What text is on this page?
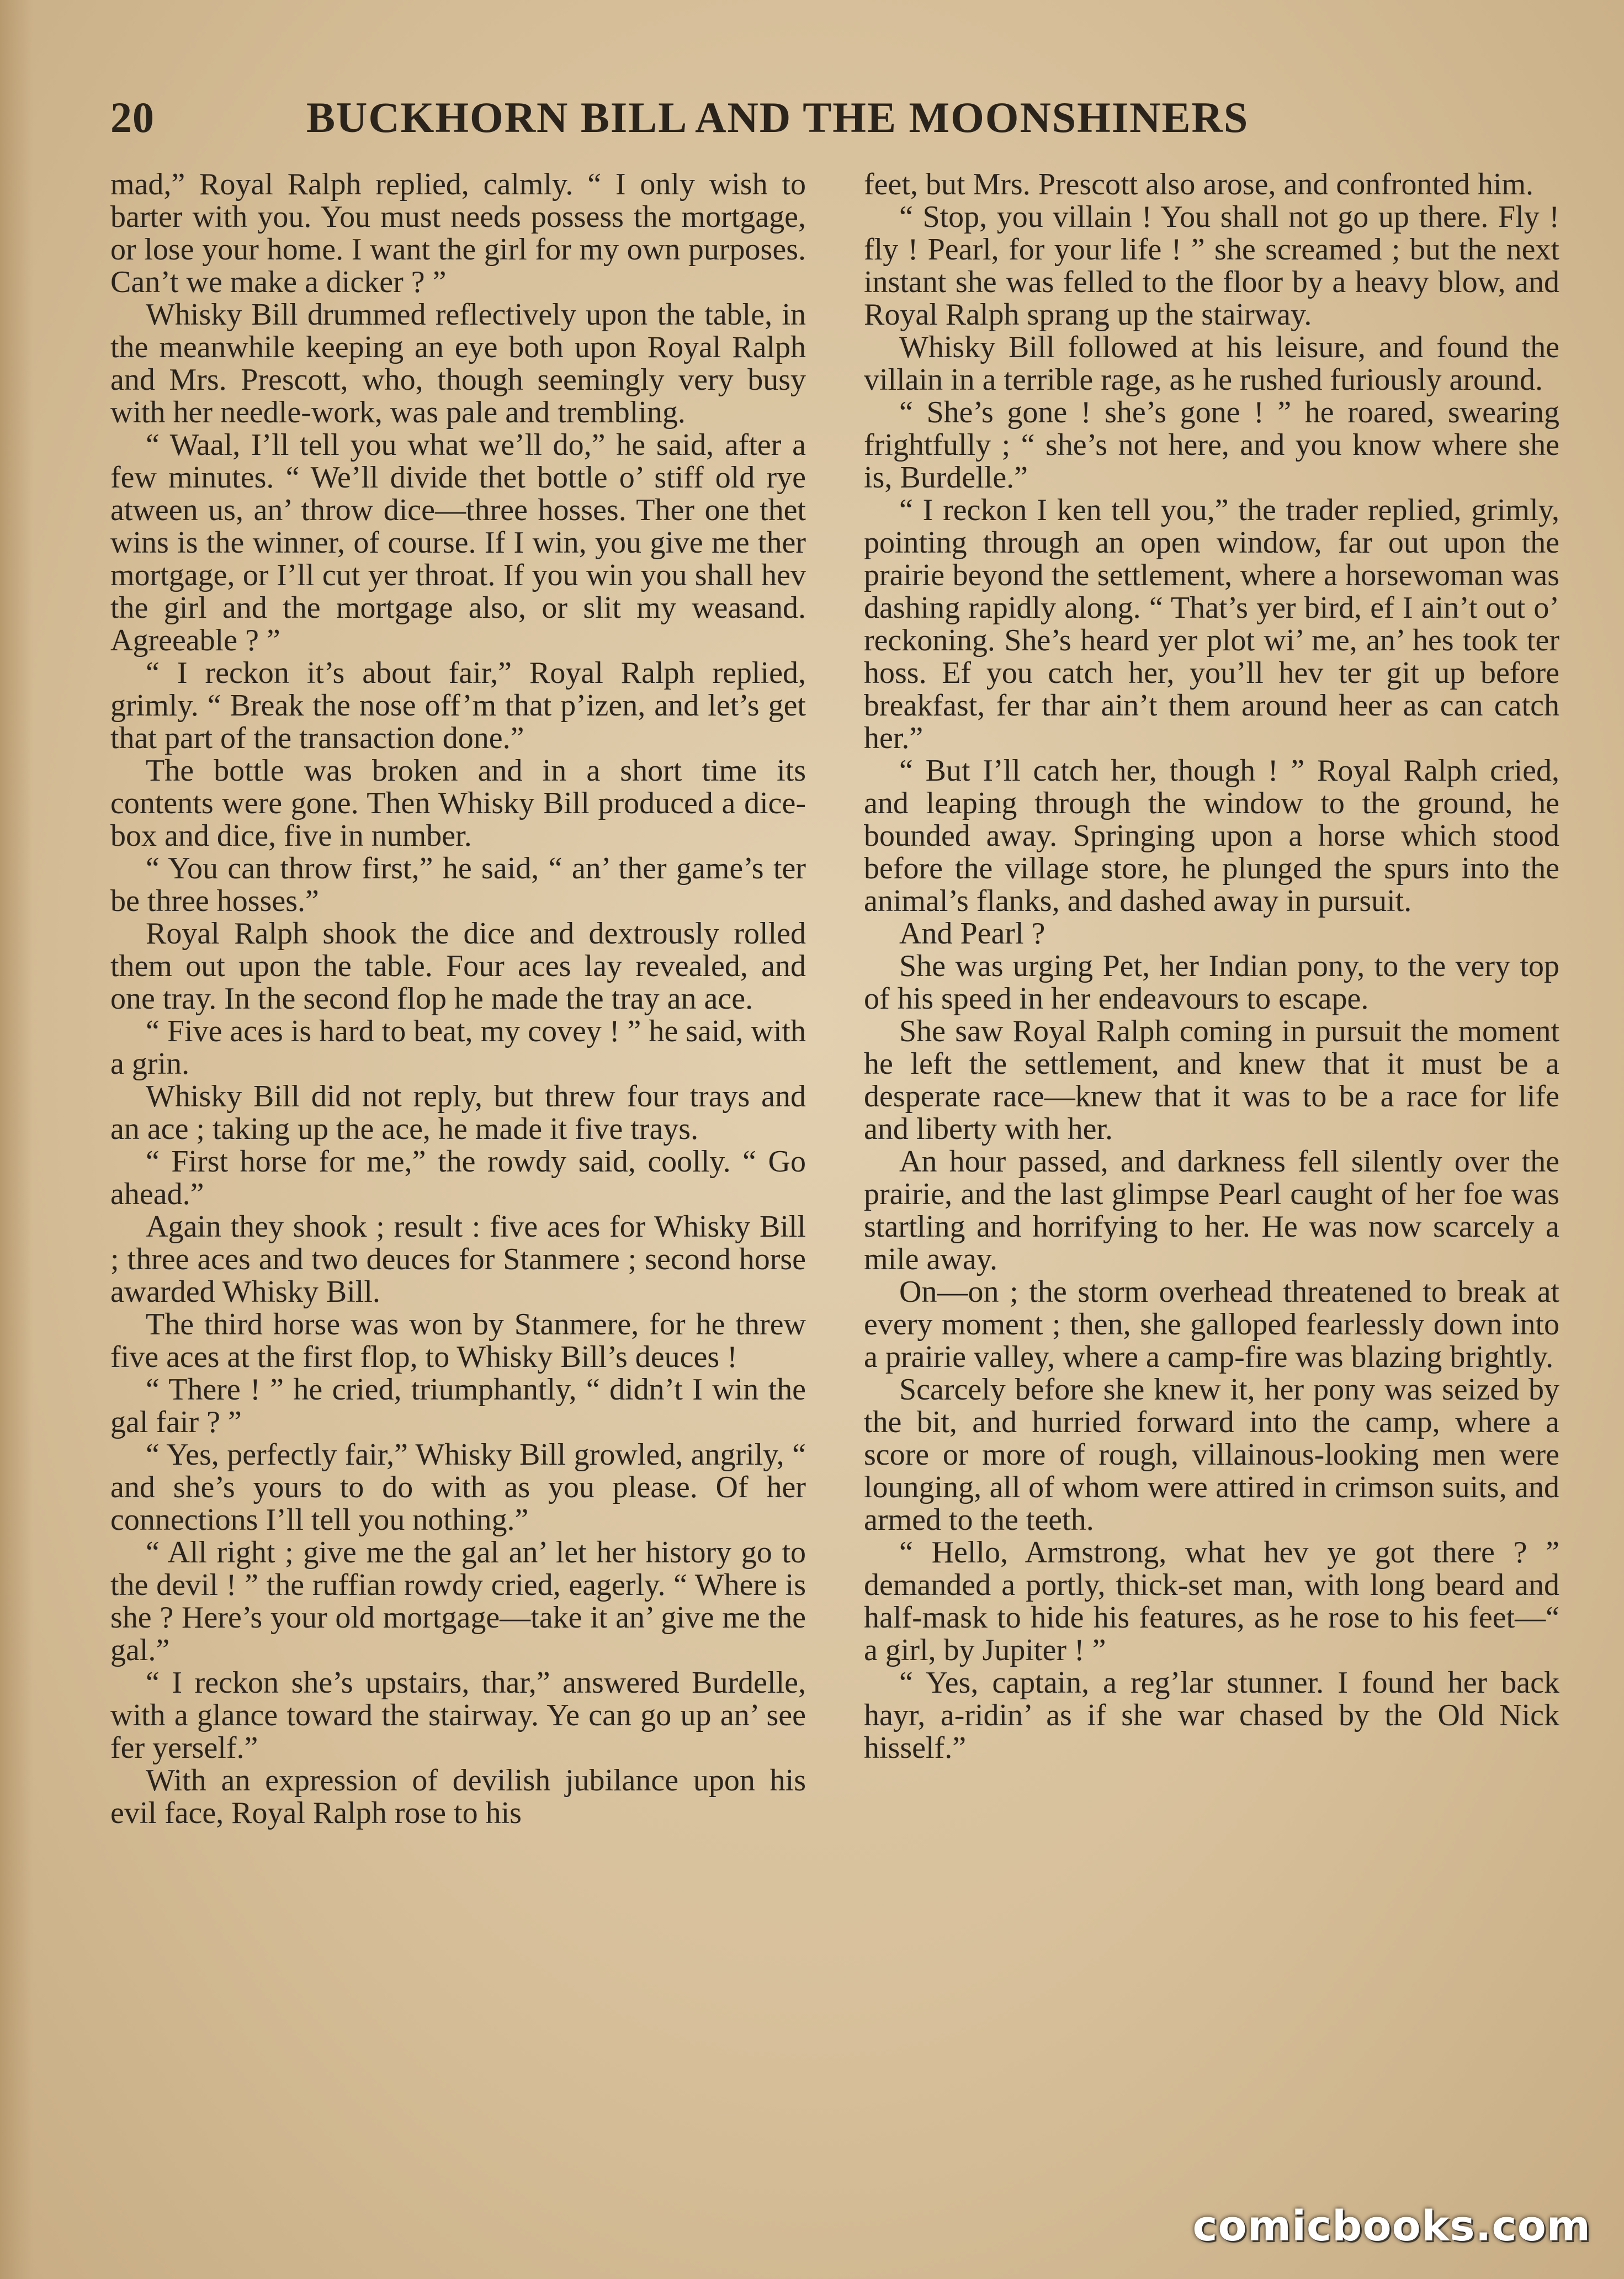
20	BUCKHORN BILL AND THE MOONSHINERS

mad,” Royal Ralph replied, calmly. “ I only wish to barter with you. You must needs possess the mortgage, or lose your home. I want the girl for my own purposes. Can’t we make a dicker ? ”

Whisky Bill drummed reflectively upon the table, in the meanwhile keeping an eye both upon Royal Ralph and Mrs. Prescott, who, though seemingly very busy with her needle-work, was pale and trembling.

“ Waal, I’ll tell you what we’ll do,” he said, after a few minutes. “ We’ll divide thet bottle o’ stiff old rye atween us, an’ throw dice—three hosses. Ther one thet wins is the winner, of course. If I win, you give me ther mortgage, or I’ll cut yer throat. If you win you shall hev the girl and the mortgage also, or slit my weasand. Agreeable ? ”

“ I reckon it’s about fair,” Royal Ralph replied, grimly. “ Break the nose off’m that p’izen, and let’s get that part of the transaction done.”

The bottle was broken and in a short time its contents were gone. Then Whisky Bill produced a dice-box and dice, five in number.

“ You can throw first,” he said, “ an’ ther game’s ter be three hosses.”

Royal Ralph shook the dice and dextrously rolled them out upon the table. Four aces lay revealed, and one tray. In the second flop he made the tray an ace.

“ Five aces is hard to beat, my covey ! ” he said, with a grin.

Whisky Bill did not reply, but threw four trays and an ace ; taking up the ace, he made it five trays.

“ First horse for me,” the rowdy said, coolly. “ Go ahead.”

Again they shook ; result : five aces for Whisky Bill ; three aces and two deuces for Stanmere ; second horse awarded Whisky Bill.

The third horse was won by Stanmere, for he threw five aces at the first flop, to Whisky Bill’s deuces !

“ There ! ” he cried, triumphantly, “ didn’t I win the gal fair ? ”

“ Yes, perfectly fair,” Whisky Bill growled, angrily, “ and she’s yours to do with as you please. Of her connections I’ll tell you nothing.”

“ All right ; give me the gal an’ let her history go to the devil ! ” the ruffian rowdy cried, eagerly. “ Where is she ? Here’s your old mortgage—take it an’ give me the gal.”

“ I reckon she’s upstairs, thar,” answered Burdelle, with a glance toward the stairway. Ye can go up an’ see fer yerself.”

With an expression of devilish jubilance upon his evil face, Royal Ralph rose to his

feet, but Mrs. Prescott also arose, and confronted him.

“ Stop, you villain ! You shall not go up there. Fly ! fly ! Pearl, for your life ! ” she screamed ; but the next instant she was felled to the floor by a heavy blow, and Royal Ralph sprang up the stairway.

Whisky Bill followed at his leisure, and found the villain in a terrible rage, as he rushed furiously around.

“ She’s gone ! she’s gone ! ” he roared, swearing frightfully ; “ she’s not here, and you know where she is, Burdelle.”

“ I reckon I ken tell you,” the trader replied, grimly, pointing through an open window, far out upon the prairie beyond the settlement, where a horsewoman was dashing rapidly along. “ That’s yer bird, ef I ain’t out o’ reckoning. She’s heard yer plot wi’ me, an’ hes took ter hoss. Ef you catch her, you’ll hev ter git up before breakfast, fer thar ain’t them around heer as can catch her.”

“ But I’ll catch her, though ! ” Royal Ralph cried, and leaping through the window to the ground, he bounded away. Springing upon a horse which stood before the village store, he plunged the spurs into the animal’s flanks, and dashed away in pursuit.

And Pearl ?

She was urging Pet, her Indian pony, to the very top of his speed in her endeavours to escape.

She saw Royal Ralph coming in pursuit the moment he left the settlement, and knew that it must be a desperate race—knew that it was to be a race for life and liberty with her.

An hour passed, and darkness fell silently over the prairie, and the last glimpse Pearl caught of her foe was startling and horrifying to her. He was now scarcely a mile away.

On—on ; the storm overhead threatened to break at every moment ; then, she galloped fearlessly down into a prairie valley, where a camp-fire was blazing brightly.

Scarcely before she knew it, her pony was seized by the bit, and hurried forward into the camp, where a score or more of rough, villainous-looking men were lounging, all of whom were attired in crimson suits, and armed to the teeth.

“ Hello, Armstrong, what hev ye got there ? ” demanded a portly, thick-set man, with long beard and half-mask to hide his features, as he rose to his feet—“ a girl, by Jupiter ! ”

“ Yes, captain, a reg’lar stunner. I found her back hayr, a-ridin’ as if she war chased by the Old Nick hisself.”

comicbooks.com
